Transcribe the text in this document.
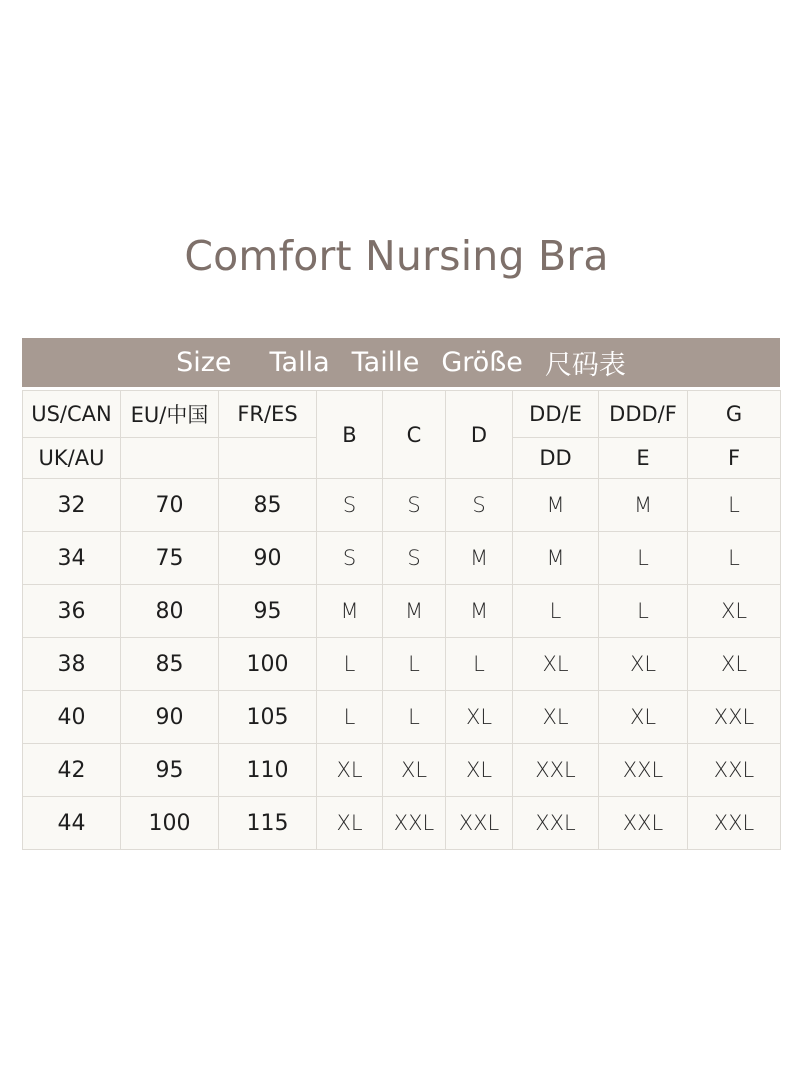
Comfort Nursing Bra
Size Talla Taille Größe 尺码表
US/CAN	EU/中国	FR/ES	B	C	D	DD/E	DDD/F	G
UK/AU						DD	E	F
32	70	85	S	S	S	M	M	L
34	75	90	S	S	M	M	L	L
36	80	95	M	M	M	L	L	XL
38	85	100	L	L	L	XL	XL	XL
40	90	105	L	L	XL	XL	XL	XXL
42	95	110	XL	XL	XL	XXL	XXL	XXL
44	100	115	XL	XXL	XXL	XXL	XXL	XXL
